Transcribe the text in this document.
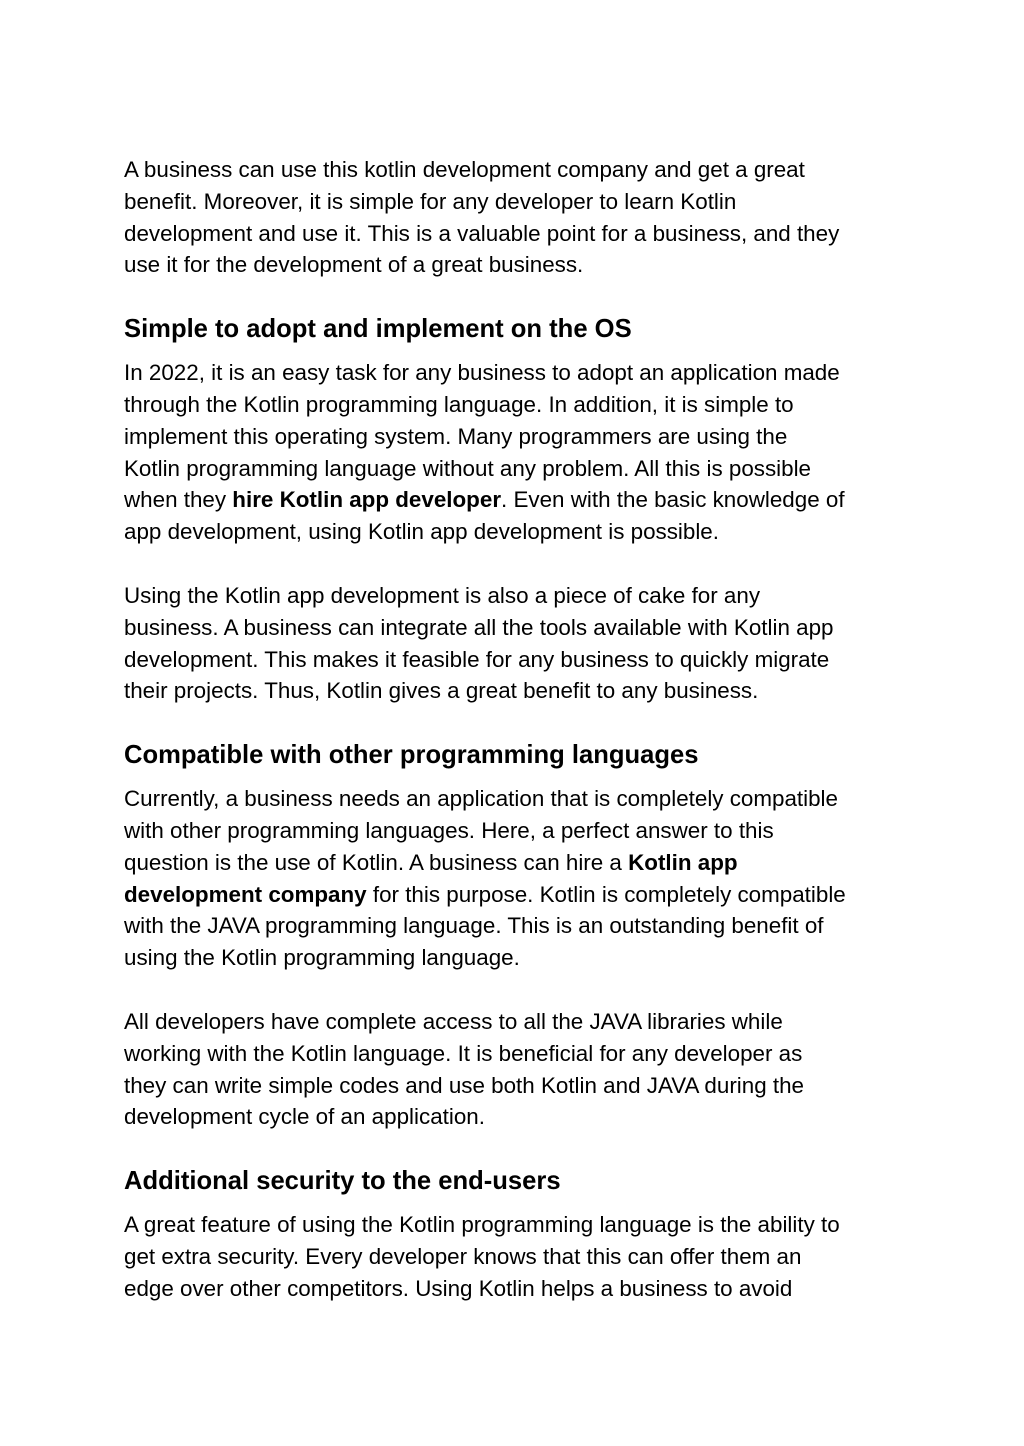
A business can use this kotlin development company and get a great
benefit. Moreover, it is simple for any developer to learn Kotlin
development and use it. This is a valuable point for a business, and they
use it for the development of a great business.

Simple to adopt and implement on the OS

In 2022, it is an easy task for any business to adopt an application made
through the Kotlin programming language. In addition, it is simple to
implement this operating system. Many programmers are using the
Kotlin programming language without any problem. All this is possible
when they hire Kotlin app developer. Even with the basic knowledge of
app development, using Kotlin app development is possible.

Using the Kotlin app development is also a piece of cake for any
business. A business can integrate all the tools available with Kotlin app
development. This makes it feasible for any business to quickly migrate
their projects. Thus, Kotlin gives a great benefit to any business.

Compatible with other programming languages

Currently, a business needs an application that is completely compatible
with other programming languages. Here, a perfect answer to this
question is the use of Kotlin. A business can hire a Kotlin app
development company for this purpose. Kotlin is completely compatible
with the JAVA programming language. This is an outstanding benefit of
using the Kotlin programming language.

All developers have complete access to all the JAVA libraries while
working with the Kotlin language. It is beneficial for any developer as
they can write simple codes and use both Kotlin and JAVA during the
development cycle of an application.

Additional security to the end-users

A great feature of using the Kotlin programming language is the ability to
get extra security. Every developer knows that this can offer them an
edge over other competitors. Using Kotlin helps a business to avoid
